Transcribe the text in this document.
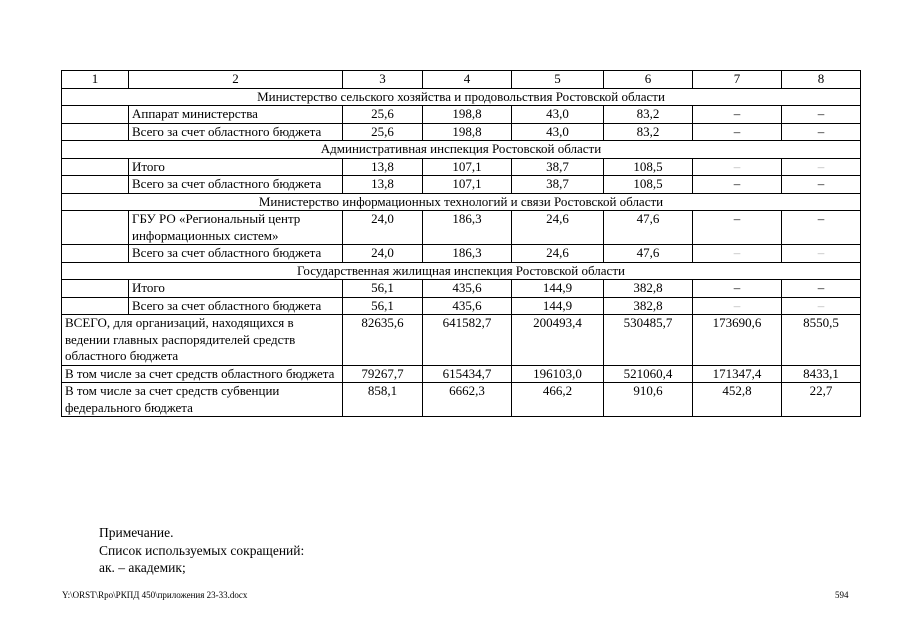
1	2	3	4	5	6	7	8
Министерство сельского хозяйства и продовольствия Ростовской области							
	Аппарат министерства	25,6	198,8	43,0	83,2	–	–
	Всего за счет областного бюджета	25,6	198,8	43,0	83,2	–	–
Административная инспекция Ростовской области							
	Итого	13,8	107,1	38,7	108,5	–	–
	Всего за счет областного бюджета	13,8	107,1	38,7	108,5	–	–
Министерство информационных технологий и связи Ростовской области							
	ГБУ РО «Региональный центр информационных систем»	24,0	186,3	24,6	47,6	–	–
	Всего за счет областного бюджета	24,0	186,3	24,6	47,6	–	–
Государственная жилищная инспекция Ростовской области							
	Итого	56,1	435,6	144,9	382,8	–	–
	Всего за счет областного бюджета	56,1	435,6	144,9	382,8	–	–
ВСЕГО, для организаций, находящихся в ведении главных распорядителей средств областного бюджета		82635,6	641582,7	200493,4	530485,7	173690,6	8550,5
В том числе за счет средств областного бюджета		79267,7	615434,7	196103,0	521060,4	171347,4	8433,1
В том числе за счет средств субвенции федерального бюджета		858,1	6662,3	466,2	910,6	452,8	22,7
Примечание.
Список используемых сокращений:
ак. – академик;
Y:\ORST\Rpo\РКПД 450\приложения 23-33.docx	594
